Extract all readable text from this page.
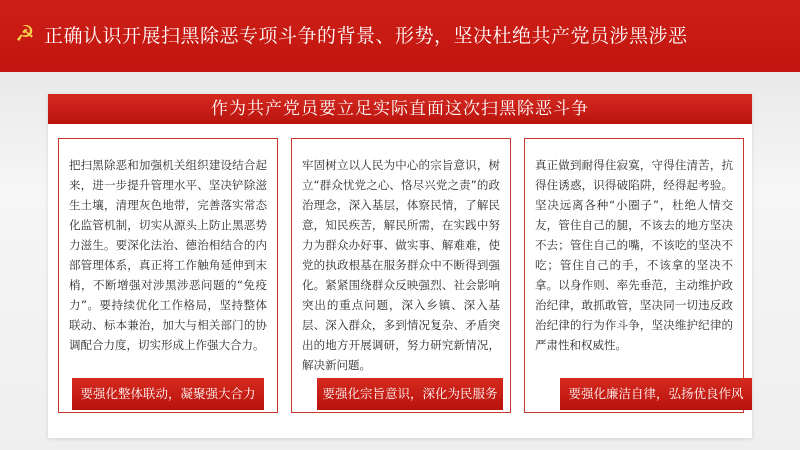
☭ 正确认识开展扫黑除恶专项斗争的背景、形势，坚决杜绝共产党员涉黑涉恶
作为共产党员要立足实际直面这次扫黑除恶斗争
把扫黑除恶和加强机关组织建设结合起来，进一步提升管理水平、坚决铲除滋生土壤，清理灰色地带，完善落实常态化监管机制，切实从源头上防止黑恶势力滋生。要深化法治、德治相结合的内部管理体系，真正将工作触角延伸到末梢，不断增强对涉黑涉恶问题的“免疫力”。要持续优化工作格局，坚持整体联动、标本兼治，加大与相关部门的协调配合力度，切实形成上作强大合力。
牢固树立以人民为中心的宗旨意识，树立“群众忧党之心、恪尽兴党之责”的政治理念，深入基层，体察民情，了解民意，知民疾苦，解民所需，在实践中努力为群众办好事、做实事、解难难，使党的执政根基在服务群众中不断得到强化。紧紧围绕群众反映强烈、社会影响突出的重点问题，深入乡镇、深入基层、深入群众，多到情况复杂、矛盾突出的地方开展调研，努力研究新情况，解决新问题。
真正做到耐得住寂寞，守得住清苦，抗得住诱惑，识得破陷阱，经得起考验。坚决远离各种“小圈子”，杜绝人情交友，管住自己的腿，不该去的地方坚决不去；管住自己的嘴，不该吃的坚决不吃；管住自己的手，不该拿的坚决不拿。以身作则、率先垂范，主动维护政治纪律，敢抓敢管，坚决同一切违反政治纪律的行为作斗争，坚决维护纪律的严肃性和权威性。
要强化整体联动，凝聚强大合力	要强化宗旨意识，深化为民服务	要强化廉洁自律，弘扬优良作风
